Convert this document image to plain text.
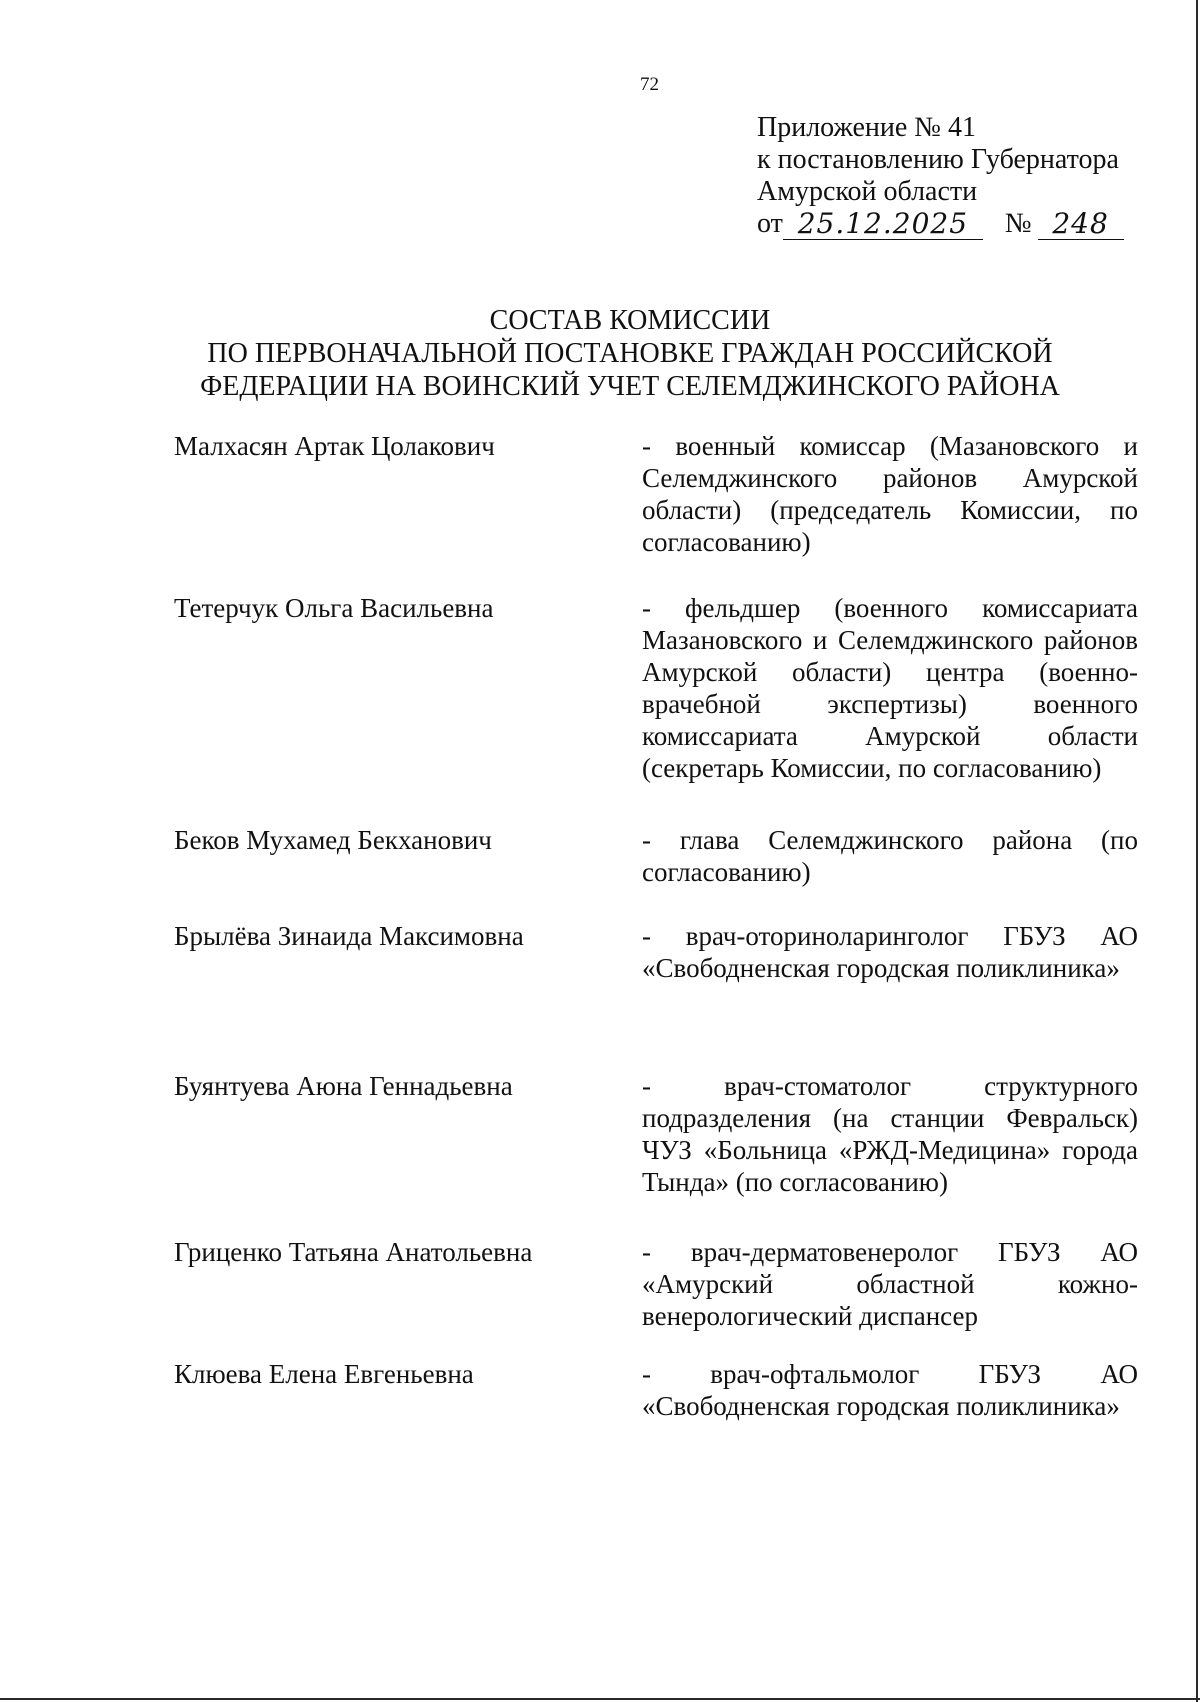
72
Приложение № 41
к постановлению Губернатора
Амурской области
от 25.12.2025	№ 248
СОСТАВ КОМИССИИ
ПО ПЕРВОНАЧАЛЬНОЙ ПОСТАНОВКЕ ГРАЖДАН РОССИЙСКОЙ
ФЕДЕРАЦИИ НА ВОИНСКИЙ УЧЕТ СЕЛЕМДЖИНСКОГО РАЙОНА
Малхасян Артак Цолакович	- военный комиссар (Мазановского и Селемджинского районов Амурской области) (председатель Комиссии, по согласованию)
Тетерчук Ольга Васильевна	- фельдшер (военного комиссариата Мазановского и Селемджинского районов Амурской области) центра (военно-врачебной экспертизы) военного комиссариата Амурской области (секретарь Комиссии, по согласованию)
Беков Мухамед Бекханович	- глава Селемджинского района (по согласованию)
Брылёва Зинаида Максимовна	- врач-оториноларинголог ГБУЗ АО «Свободненская городская поликлиника»
Буянтуева Аюна Геннадьевна	- врач-стоматолог структурного подразделения (на станции Февральск) ЧУЗ «Больница «РЖД-Медицина» города Тында» (по согласованию)
Гриценко Татьяна Анатольевна	- врач-дерматовенеролог ГБУЗ АО «Амурский областной кожно-венерологический диспансер
Клюева Елена Евгеньевна	- врач-офтальмолог ГБУЗ АО «Свободненская городская поликлиника»
